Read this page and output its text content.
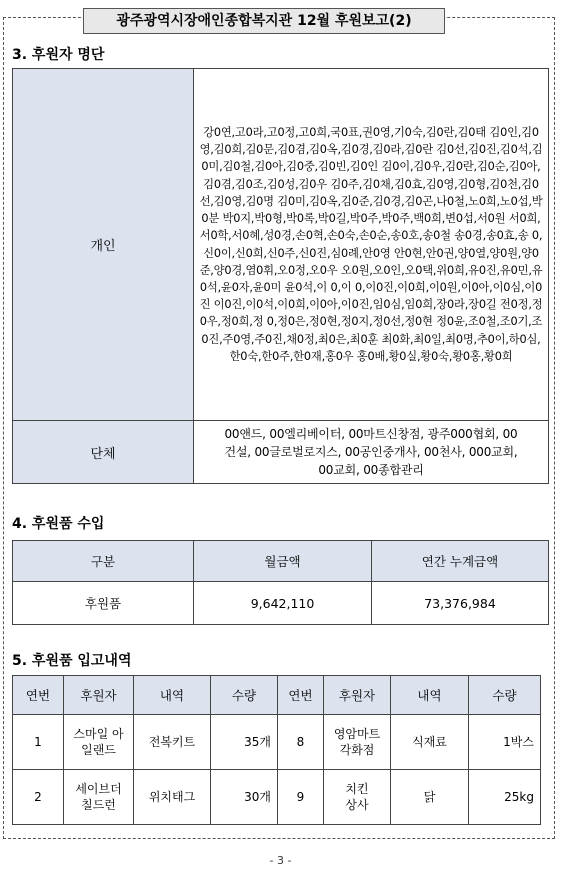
광주광역시장애인종합복지관 12월 후원보고(2)
3. 후원자 명단
개인	강0연,고0라,고0정,고0희,국0표,권0영,기0숙,김0란,김0태 김0인,김0영,김0희,김0문,김0겸,김0옥,김0경,김0라,김0란 김0선,김0진,김0석,김0미,김0철,김0아,김0중,김0빈,김0인 김0이,김0우,김0란,김0순,김0아,김0겸,김0조,김0성,김0우 김0주,김0채,김0효,김0영,김0형,김0천,김0선,김0영,김0명 김0미,김0옥,김0준,김0경,김0곤,나0철,노0희,노0섭,박0분 박0지,박0형,박0록,박0길,박0주,박0주,백0희,변0섭,서0원 서0희,서0학,서0혜,성0경,손0혁,손0숙,손0순,송0호,송0철 송0경,송0효,송 0,신0이,신0희,신0주,신0진,심0례,안0영 안0현,안0권,양0열,양0원,양0준,양0경,염0휘,오0정,오0우 오0원,오0인,오0택,위0희,유0진,유0민,유0석,윤0자,윤0미 윤0석,이 0,이 0,이0진,이0희,이0원,이0아,이0심,이0진 이0진,이0석,이0희,이0아,이0진,임0심,임0희,장0라,장0길 전0정,정0우,정0희,정 0,정0은,정0현,정0지,정0선,정0현 정0윤,조0철,조0기,조0진,주0영,주0진,채0정,최0은,최0훈 최0화,최0일,최0명,추0이,하0심,한0숙,한0주,한0재,홍0우 홍0배,황0실,황0숙,황0홍,황0희
단체	00앤드, 00엘리베이터, 00마트신창점, 광주000협회, 00건설, 00글로벌로지스, 00공인중개사, 00천사, 000교회, 00교회, 00종합관리
4. 후원품 수입
구분	월금액	연간 누계금액
후원품	9,642,110	73,376,984
5. 후원품 입고내역
연번	후원자	내역	수량	연번	후원자	내역	수량
1	스마일 아일랜드	전복키트	35개	8	영암마트 각화점	식재료	1박스
2	세이브더 칠드런	위치태그	30개	9	치킨 상사	닭	25kg
- 3 -
